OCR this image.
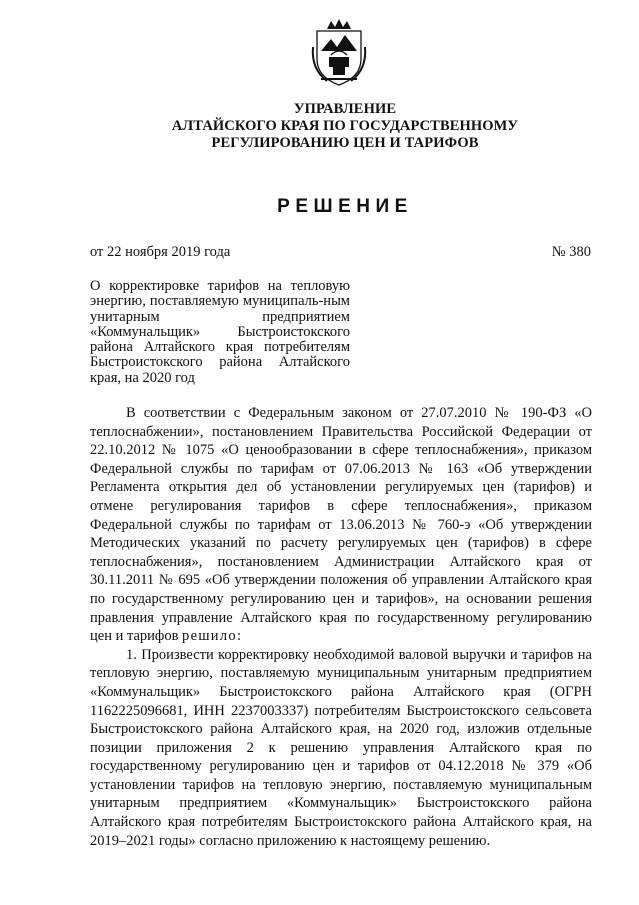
УПРАВЛЕНИЕ
АЛТАЙСКОГО КРАЯ ПО ГОСУДАРСТВЕННОМУ
РЕГУЛИРОВАНИЮ ЦЕН И ТАРИФОВ
РЕШЕНИЕ
от 22 ноября 2019 года	№ 380
О корректировке тарифов на тепловую энергию, поставляемую муниципаль-ным унитарным предприятием «Коммунальщик» Быстроистокского района Алтайского края потребителям Быстроистокского района Алтайского края, на 2020 год

В соответствии с Федеральным законом от 27.07.2010 № 190-ФЗ «О теплоснабжении», постановлением Правительства Российской Федерации от 22.10.2012 № 1075 «О ценообразовании в сфере теплоснабжения», приказом Федеральной службы по тарифам от 07.06.2013 № 163 «Об утверждении Регламента открытия дел об установлении регулируемых цен (тарифов) и отмене регулирования тарифов в сфере теплоснабжения», приказом Федеральной службы по тарифам от 13.06.2013 № 760-э «Об утверждении Методических указаний по расчету регулируемых цен (тарифов) в сфере теплоснабжения», постановлением Администрации Алтайского края от 30.11.2011 № 695 «Об утверждении положения об управлении Алтайского края по государственному регулированию цен и тарифов», на основании решения правления управление Алтайского края по государственному регулированию цен и тарифов решило:

1. Произвести корректировку необходимой валовой выручки и тарифов на тепловую энергию, поставляемую муниципальным унитарным предприятием «Коммунальщик» Быстроистокского района Алтайского края (ОГРН 1162225096681, ИНН 2237003337) потребителям Быстроистокского сельсовета Быстроистокского района Алтайского края, на 2020 год, изложив отдельные позиции приложения 2 к решению управления Алтайского края по государственному регулированию цен и тарифов от 04.12.2018 № 379 «Об установлении тарифов на тепловую энергию, поставляемую муниципальным унитарным предприятием «Коммунальщик» Быстроистокского района Алтайского края потребителям Быстроистокского района Алтайского края, на 2019–2021 годы» согласно приложению к настоящему решению.
